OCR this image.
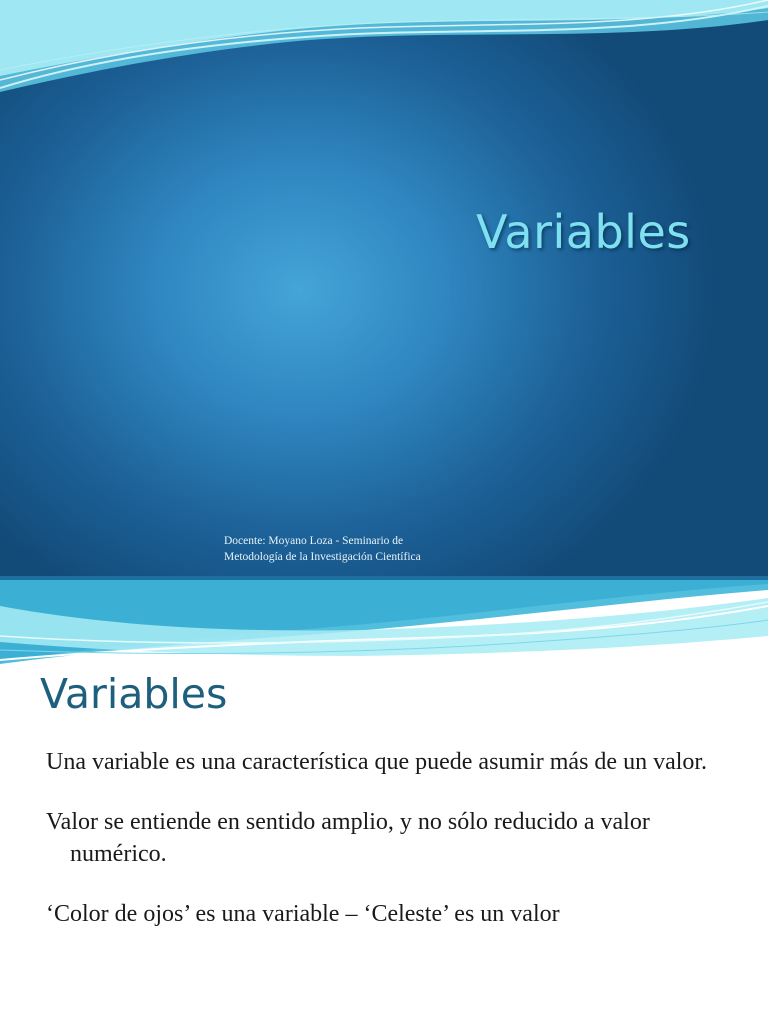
Variables
Docente: Moyano Loza - Seminario de
Metodología de la Investigación Científica
Variables

Una variable es una característica que puede asumir más de un valor.

Valor se entiende en sentido amplio, y no sólo reducido a valor numérico.

‘Color de ojos’ es una variable – ‘Celeste’ es un valor
